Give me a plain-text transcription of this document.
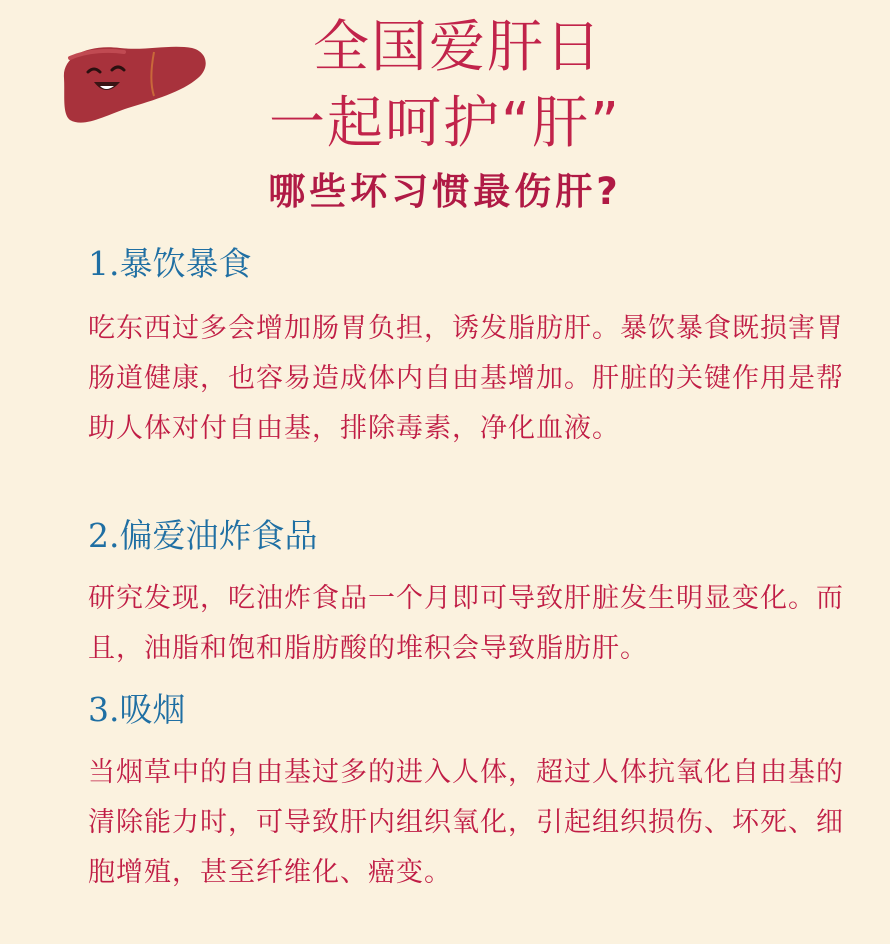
全国爱肝日
一起呵护“肝”
哪些坏习惯最伤肝?
1.暴饮暴食
吃东西过多会增加肠胃负担，诱发脂肪肝。暴饮暴食既损害胃肠道健康，也容易造成体内自由基增加。肝脏的关键作用是帮助人体对付自由基，排除毒素，净化血液。
2.偏爱油炸食品
研究发现，吃油炸食品一个月即可导致肝脏发生明显变化。而且，油脂和饱和脂肪酸的堆积会导致脂肪肝。
3.吸烟
当烟草中的自由基过多的进入人体，超过人体抗氧化自由基的清除能力时，可导致肝内组织氧化，引起组织损伤、坏死、细胞增殖，甚至纤维化、癌变。
